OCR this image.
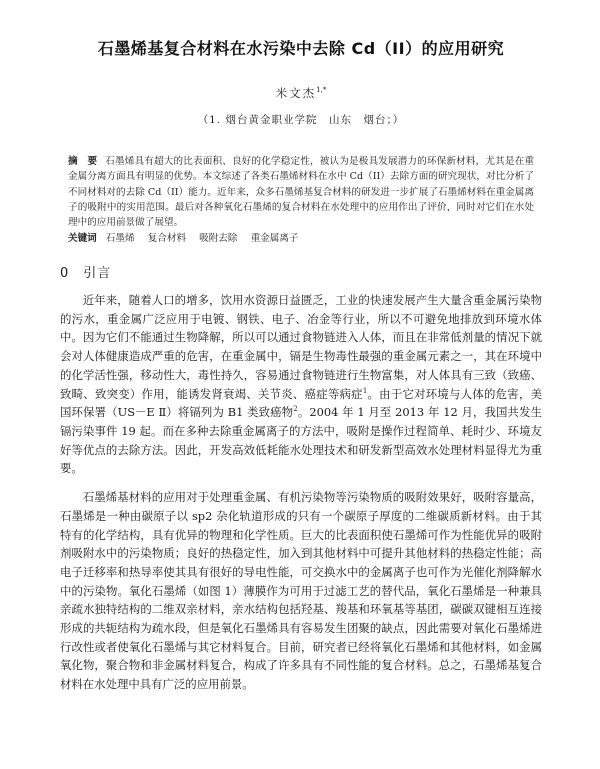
石墨烯基复合材料在水污染中去除 Cd（II）的应用研究
米文杰$^{1,*}$
（1. 烟台黄金职业学院　山东　烟台；）
摘　要 石墨烯具有超大的比表面积、良好的化学稳定性，被认为是极具发展潜力的环保新材料，尤其是在重金属分离方面具有明显的优势。本文综述了各类石墨烯材料在水中 Cd（II）去除方面的研究现状，对比分析了不同材料对的去除 Cd（II）能力。近年来，众多石墨烯基复合材料的研发进一步扩展了石墨烯材料在重金属离子的吸附中的实用范围。最后对各种氧化石墨烯的复合材料在水处理中的应用作出了评价，同时对它们在水处理中的应用前景做了展望。
关键词 石墨烯 复合材料 吸附去除 重金属离子
0 引言

近年来，随着人口的增多，饮用水资源日益匮乏，工业的快速发展产生大量含重金属污染物的污水，重金属广泛应用于电镀、钢铁、电子、冶金等行业，所以不可避免地排放到环境水体中。因为它们不能通过生物降解，所以可以通过食物链进入人体，而且在非常低剂量的情况下就会对人体健康造成严重的危害，在重金属中，镉是生物毒性最强的重金属元素之一，其在环境中的化学活性强，移动性大，毒性持久，容易通过食物链进行生物富集，对人体具有三致（致癌、致畸、致突变）作用，能诱发肾衰竭、关节炎、癌症等病症$^1$。由于它对环境与人体的危害，美国环保署（US－E Ⅱ）将镉列为 B1 类致癌物$^2$。2004 年 1 月至 2013 年 12 月，我国共发生镉污染事件 19 起。而在多种去除重金属离子的方法中，吸附是操作过程简单、耗时少、环境友好等优点的去除方法。因此，开发高效低耗能水处理技术和研发新型高效水处理材料显得尤为重要。

石墨烯基材料的应用对于处理重金属、有机污染物等污染物质的吸附效果好，吸附容量高，石墨烯是一种由碳原子以 sp2 杂化轨道形成的只有一个碳原子厚度的二维碳质新材料。由于其特有的化学结构，具有优异的物理和化学性质。巨大的比表面积使石墨烯可作为性能优异的吸附剂吸附水中的污染物质；良好的热稳定性，加入到其他材料中可提升其他材料的热稳定性能；高电子迁移率和热导率使其具有很好的导电性能，可交换水中的金属离子也可作为光催化剂降解水中的污染物。氧化石墨烯（如图 1）薄膜作为可用于过滤工艺的替代品，氧化石墨烯是一种兼具亲疏水独特结构的二维双亲材料，亲水结构包括羟基、羧基和环氧基等基团，碳碳双键相互连接形成的共轭结构为疏水段，但是氧化石墨烯具有容易发生团聚的缺点，因此需要对氧化石墨烯进行改性或者使氧化石墨烯与其它材料复合。目前，研究者已经将氧化石墨烯和其他材料，如金属氧化物，聚合物和非金属材料复合，构成了许多具有不同性能的复合材料。总之，石墨烯基复合材料在水处理中具有广泛的应用前景。
